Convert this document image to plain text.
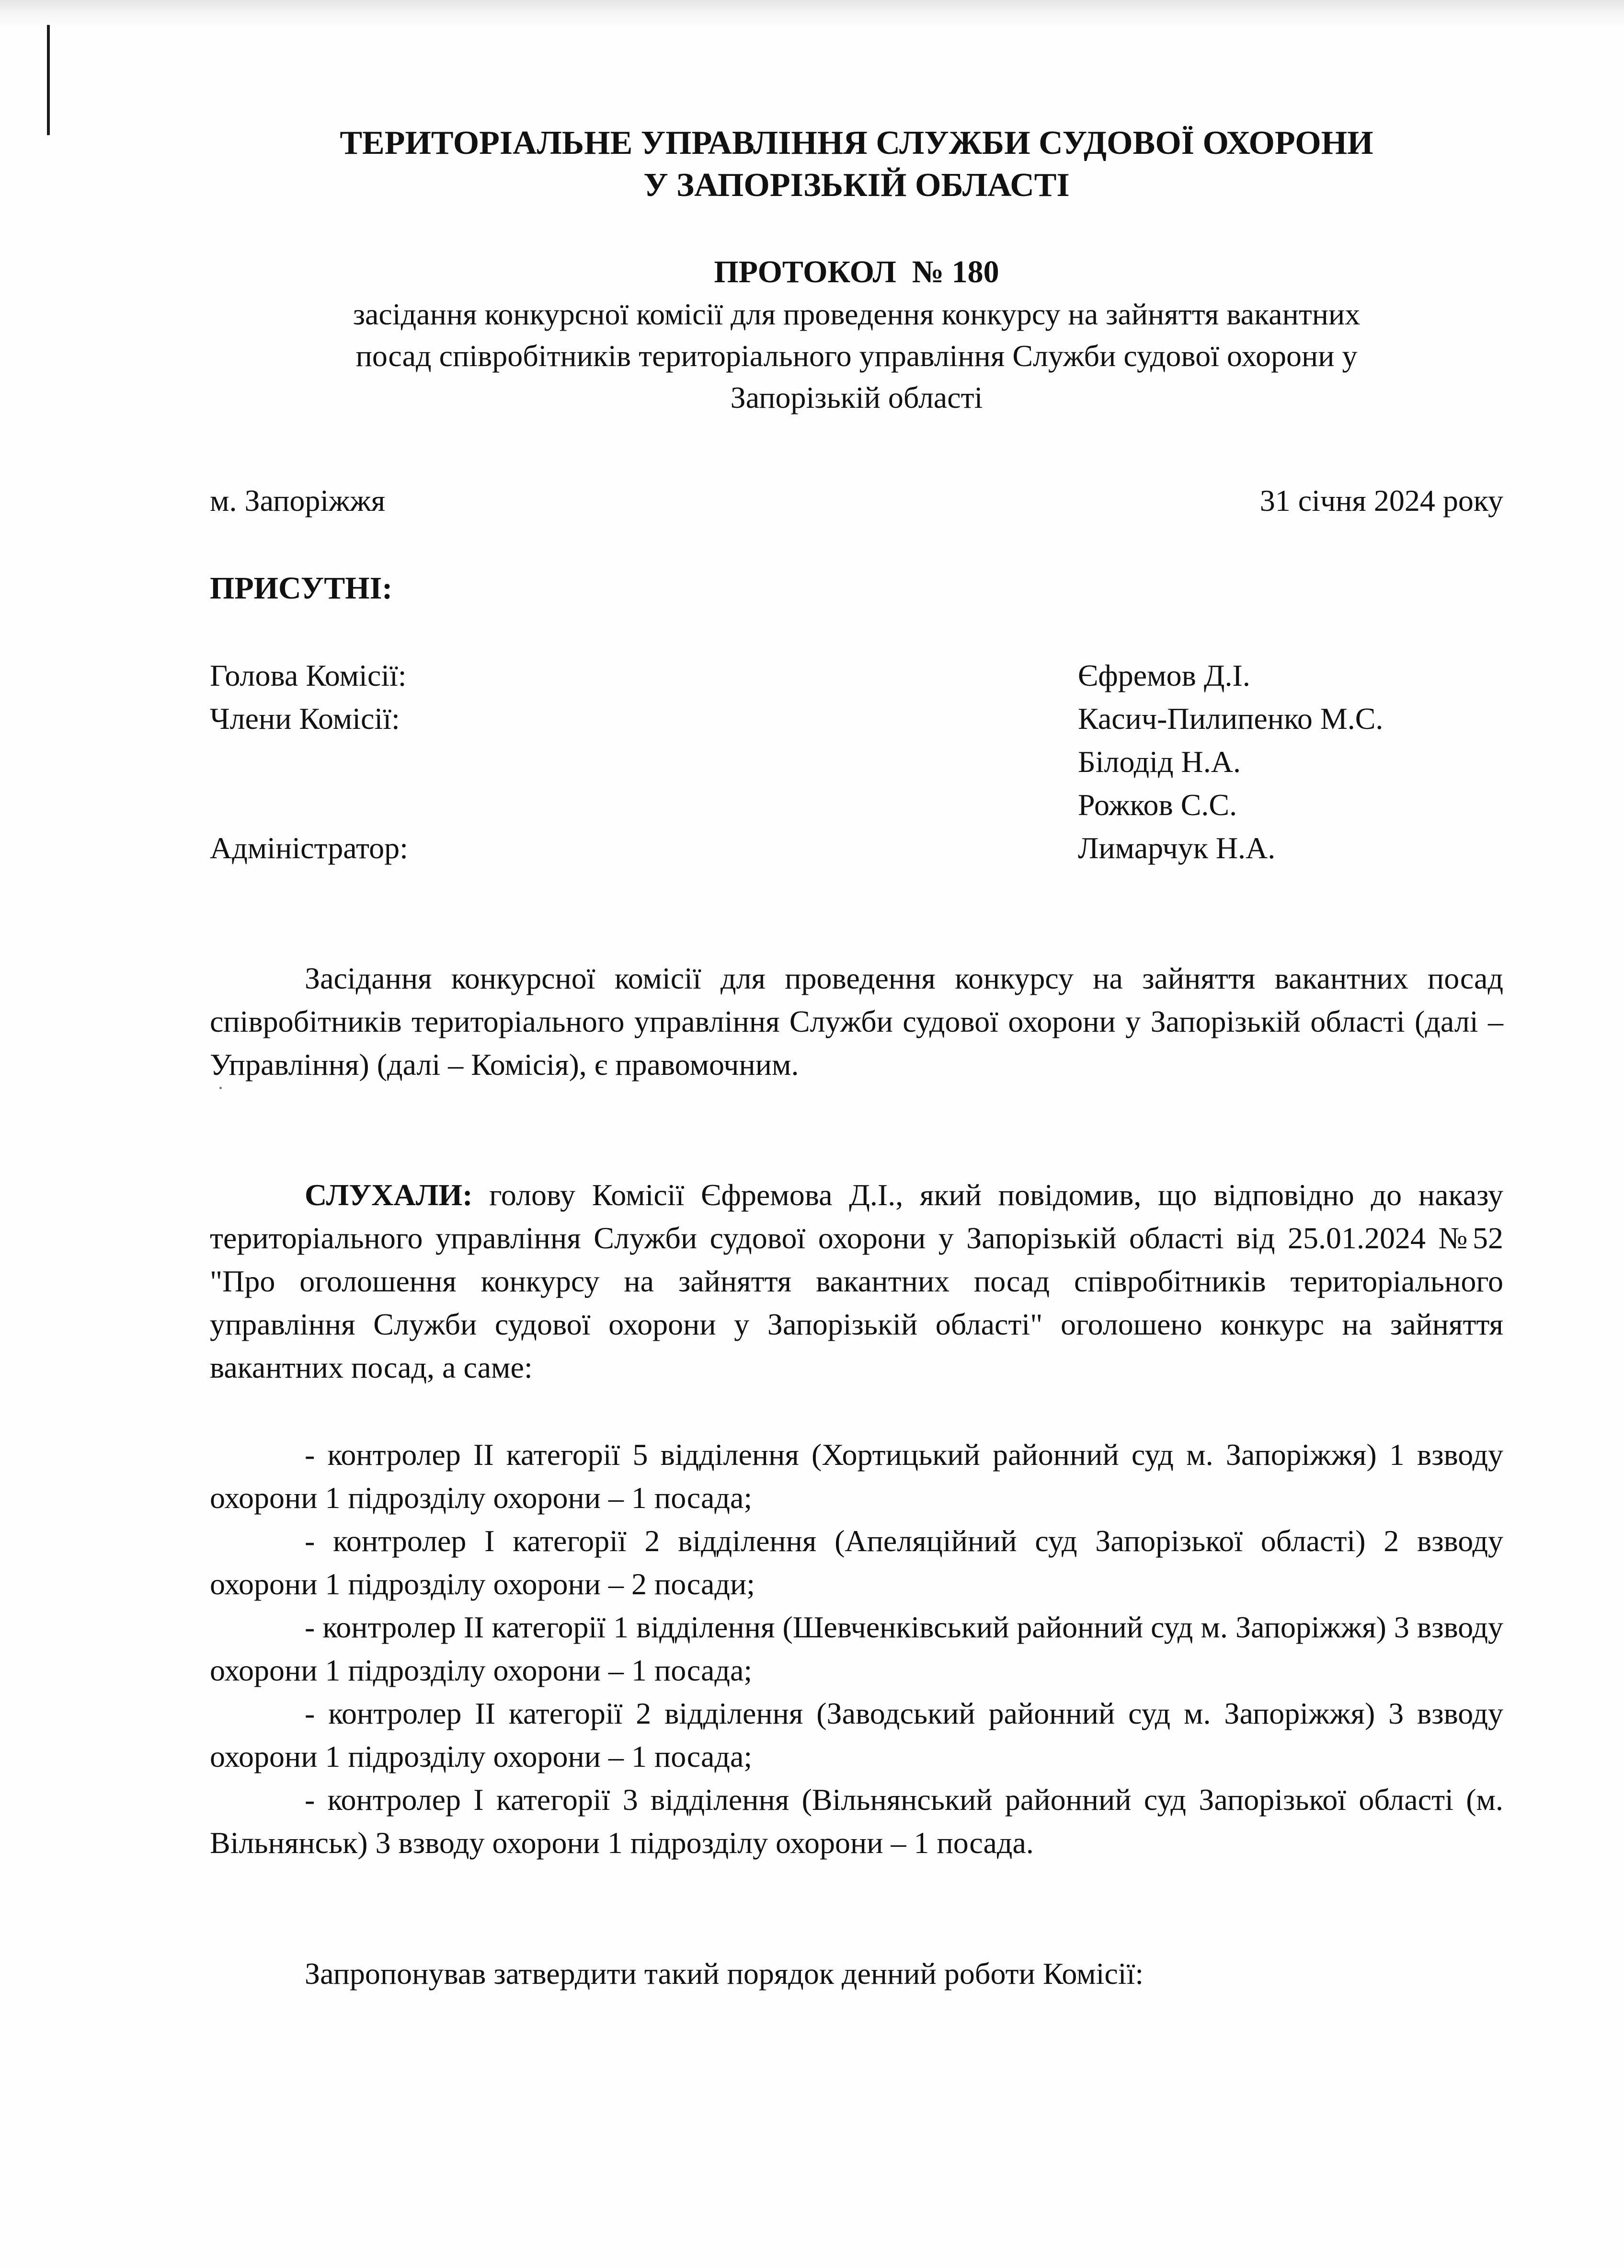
ТЕРИТОРІАЛЬНЕ УПРАВЛІННЯ СЛУЖБИ СУДОВОЇ ОХОРОНИ
У ЗАПОРІЗЬКІЙ ОБЛАСТІ
ПРОТОКОЛ  № 180
засідання конкурсної комісії для проведення конкурсу на зайняття вакантних
посад співробітників територіального управління Служби судової охорони у
Запорізькій області
м. Запоріжжя	31 січня 2024 року
ПРИСУТНІ:
Голова Комісії:
Члени Комісії:
Адміністратор:
Єфремов Д.І.
Касич-Пилипенко М.С.
Білодід Н.А.
Рожков С.С.
Лимарчук Н.А.

Засідання конкурсної комісії для проведення конкурсу на зайняття вакантних посад співробітників територіального управління Служби судової охорони у Запорізькій області (далі – Управління) (далі – Комісія), є правомочним.

СЛУХАЛИ: голову Комісії Єфремова Д.І., який повідомив, що відповідно до наказу територіального управління Служби судової охорони у Запорізькій області від 25.01.2024 №52 "Про оголошення конкурсу на зайняття вакантних посад співробітників територіального управління Служби судової охорони у Запорізькій області" оголошено конкурс на зайняття вакантних посад, а саме:

- контролер ІІ категорії 5 відділення (Хортицький районний суд м. Запоріжжя) 1 взводу охорони 1 підрозділу охорони – 1 посада;

- контролер І категорії 2 відділення (Апеляційний суд Запорізької області) 2 взводу охорони 1 підрозділу охорони – 2 посади;

- контролер ІІ категорії 1 відділення (Шевченківський районний суд м. Запоріжжя) 3 взводу охорони 1 підрозділу охорони – 1 посада;

- контролер ІІ категорії 2 відділення (Заводський районний суд м. Запоріжжя) 3 взводу охорони 1 підрозділу охорони – 1 посада;

- контролер І категорії 3 відділення (Вільнянський районний суд Запорізької області (м. Вільнянськ) 3 взводу охорони 1 підрозділу охорони – 1 посада.

Запропонував затвердити такий порядок денний роботи Комісії:
